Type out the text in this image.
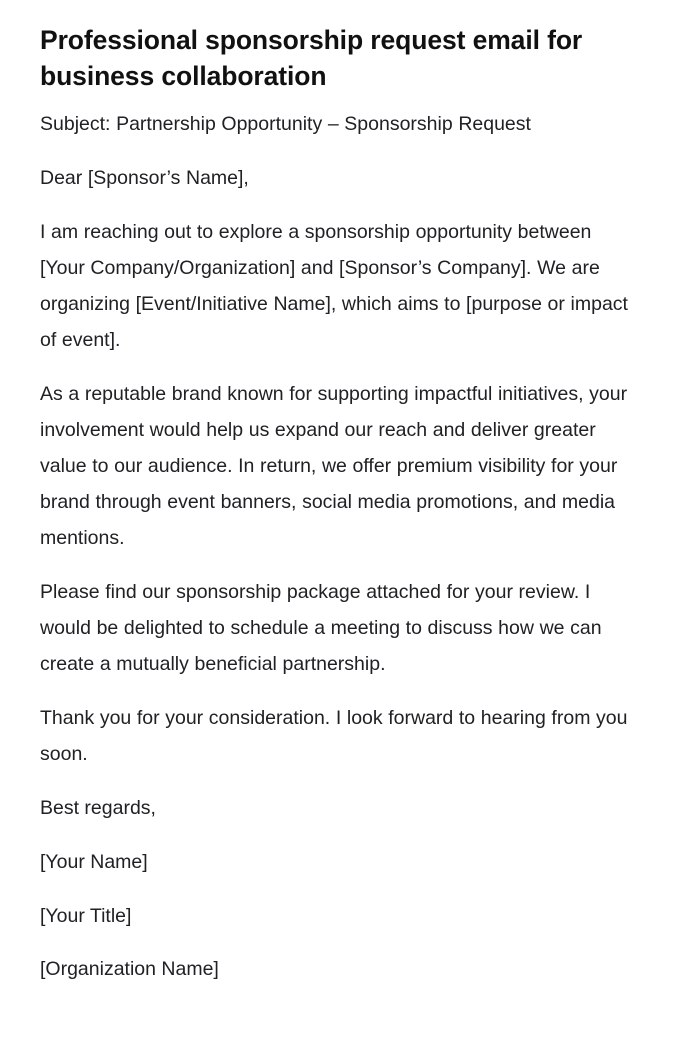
Professional sponsorship request email for business collaboration

Subject: Partnership Opportunity – Sponsorship Request

Dear [Sponsor’s Name],

I am reaching out to explore a sponsorship opportunity between [Your Company/Organization] and [Sponsor’s Company]. We are organizing [Event/Initiative Name], which aims to [purpose or impact of event].

As a reputable brand known for supporting impactful initiatives, your involvement would help us expand our reach and deliver greater value to our audience. In return, we offer premium visibility for your brand through event banners, social media promotions, and media mentions.

Please find our sponsorship package attached for your review. I would be delighted to schedule a meeting to discuss how we can create a mutually beneficial partnership.

Thank you for your consideration. I look forward to hearing from you soon.

Best regards,

[Your Name]

[Your Title]

[Organization Name]
